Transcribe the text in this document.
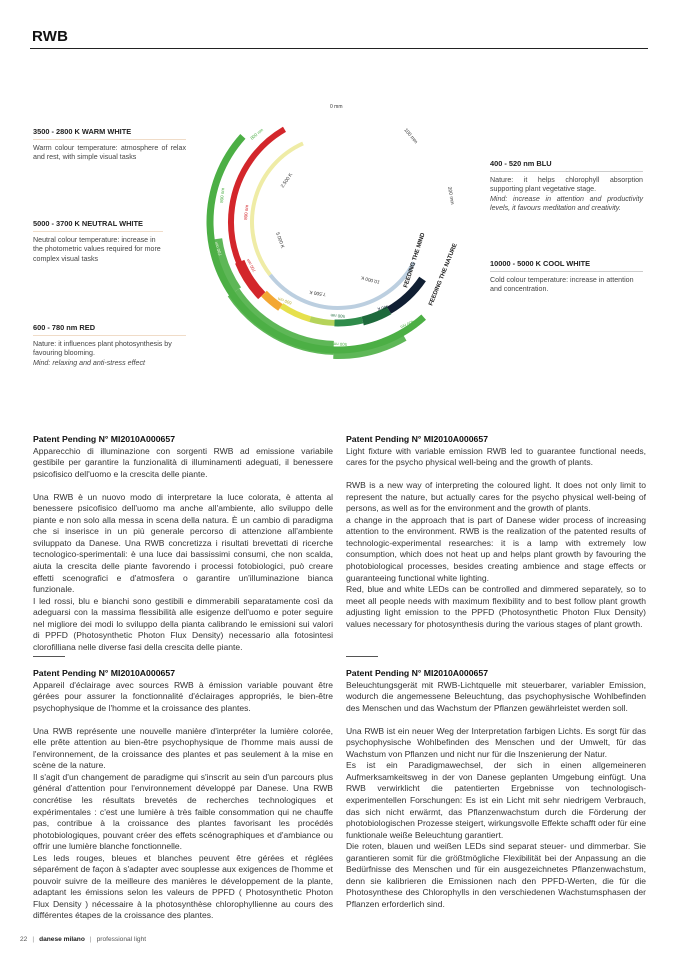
RWB
0 mm
100 mm
200 mm
800 nm
800 nm
800 nm
2.500 K
5.000 K
7.500 K
10.000 K
700 nm
700 nm
600 nm
500 nm
500 nm
400 nm
400 K
FEEDING THE MIND FEEDING THE NATURE
3500 - 2800 K WARM WHITE

Warm colour temperature: atmosphere of relax and rest, with simple visual tasks

5000 - 3700 K NEUTRAL WHITE

Neutral colour temperature: increase in the photometric values required for more complex visual tasks

600 - 780 nm RED

Nature: it influences plant photosynthesis by favouring blooming.

Mind: relaxing and anti-stress effect

400 - 520 nm BLU

Nature: it helps chlorophyll absorption supporting plant vegetative stage.

Mind: increase in attention and productivity levels, it favours meditation and creativity.

10000 - 5000 K COOL WHITE

Cold colour temperature: increase in attention and concentration.

Patent Pending N° MI2010A000657

Apparecchio di illuminazione con sorgenti RWB ad emissione variabile gestibile per garantire la funzionalità di illuminamenti adeguati, il benessere psicofisico dell'uomo e la crescita delle piante.

Una RWB è un nuovo modo di interpretare la luce colorata, è attenta al benessere psicofisico dell'uomo ma anche all'ambiente, allo sviluppo delle piante e non solo alla messa in scena della natura. È un cambio di paradigma che si inserisce in un più generale percorso di attenzione all'ambiente sviluppato da Danese. Una RWB concretizza i risultati brevettati di ricerche tecnologico-sperimentali: è una luce dai bassissimi consumi, che non scalda, aiuta la crescita delle piante favorendo i processi fotobiologici, può creare effetti scenografici e d'atmosfera o garantire un'illuminazione bianca funzionale.

I led rossi, blu e bianchi sono gestibili e dimmerabili separatamente così da adeguarsi con la massima flessibilità alle esigenze dell'uomo e poter seguire nel migliore dei modi lo sviluppo della pianta calibrando le emissioni sui valori di PPFD (Photosynthetic Photon Flux Density) necessario alla fotosintesi clorofilliana nelle diverse fasi della crescita delle piante.

Patent Pending N° MI2010A000657

Light fixture with variable emission RWB led to guarantee functional needs, cares for the psycho physical well-being and the growth of plants.

RWB is a new way of interpreting the coloured light. It does not only limit to represent the nature, but actually cares for the psycho physical well-being of persons, as well as for the environment and the growth of plants.

a change in the approach that is part of Danese wider process of increasing attention to the environment. RWB is the realization of the patented results of technologic-experimental researches: it is a lamp with extremely low consumption, which does not heat up and helps plant growth by favouring the photobiological processes, besides creating ambience and stage effects or guaranteeing functional white lighting.

Red, blue and white LEDs can be controlled and dimmered separately, so to meet all people needs with maximum flexibility and to best follow plant growth adjusting light emission to the PPFD (Photosynthetic Photon Flux Density) values necessary for photosynthesis during the various stages of plant growth.

Patent Pending N° MI2010A000657

Appareil d'éclairage avec sources RWB à émission variable pouvant être gérées pour assurer la fonctionnalité d'éclairages appropriés, le bien-être psychophysique de l'homme et la croissance des plantes.

Una RWB représente une nouvelle manière d'interpréter la lumière colorée, elle prête attention au bien-être psychophysique de l'homme mais aussi de l'environnement, de la croissance des plantes et pas seulement à la mise en scène de la nature.

Il s'agit d'un changement de paradigme qui s'inscrit au sein d'un parcours plus général d'attention pour l'environnement développé par Danese. Una RWB concrétise les résultats brevetés de recherches technologiques et expérimentales : c'est une lumière à très faible consommation qui ne chauffe pas, contribue à la croissance des plantes favorisant les procédés photobiologiques, pouvant créer des effets scénographiques et d'ambiance ou offrir une lumière blanche fonctionnelle.

Les leds rouges, bleues et blanches peuvent être gérées et réglées séparément de façon à s'adapter avec souplesse aux exigences de l'homme et pouvoir suivre de la meilleure des manières le développement de la plante, adaptant les émissions selon les valeurs de PPFD ( Photosynthetic Photon Flux Density ) nécessaire à la photosynthèse chlorophyllienne au cours des différentes étapes de la croissance des plantes.

Patent Pending N° MI2010A000657

Beleuchtungsgerät mit RWB-Lichtquelle mit steuerbarer, variabler Emission, wodurch die angemessene Beleuchtung, das psychophysische Wohlbefinden des Menschen und das Wachstum der Pflanzen gewährleistet werden soll.

Una RWB ist ein neuer Weg der Interpretation farbigen Lichts. Es sorgt für das psychophysische Wohlbefinden des Menschen und der Umwelt, für das Wachstum von Pflanzen und nicht nur für die Inszenierung der Natur.

Es ist ein Paradigmawechsel, der sich in einen allgemeineren Aufmerksamkeitsweg in der von Danese geplanten Umgebung einfügt. Una RWB verwirklicht die patentierten Ergebnisse von technologisch-experimentellen Forschungen: Es ist ein Licht mit sehr niedrigem Verbrauch, das sich nicht erwärmt, das Pflanzenwachstum durch die Förderung der photobiologischen Prozesse steigert, wirkungsvolle Effekte schafft oder für eine funktionale weiße Beleuchtung garantiert.

Die roten, blauen und weißen LEDs sind separat steuer- und dimmerbar. Sie garantieren somit für die größtmögliche Flexibilität bei der Anpassung an die Bedürfnisse des Menschen und für ein ausgezeichnetes Pflanzenwachstum, denn sie kalibrieren die Emissionen nach den PPFD-Werten, die für die Photosynthese des Chlorophylls in den verschiedenen Wachstumsphasen der Pflanzen erforderlich sind.

22 | danese milano | professional light
